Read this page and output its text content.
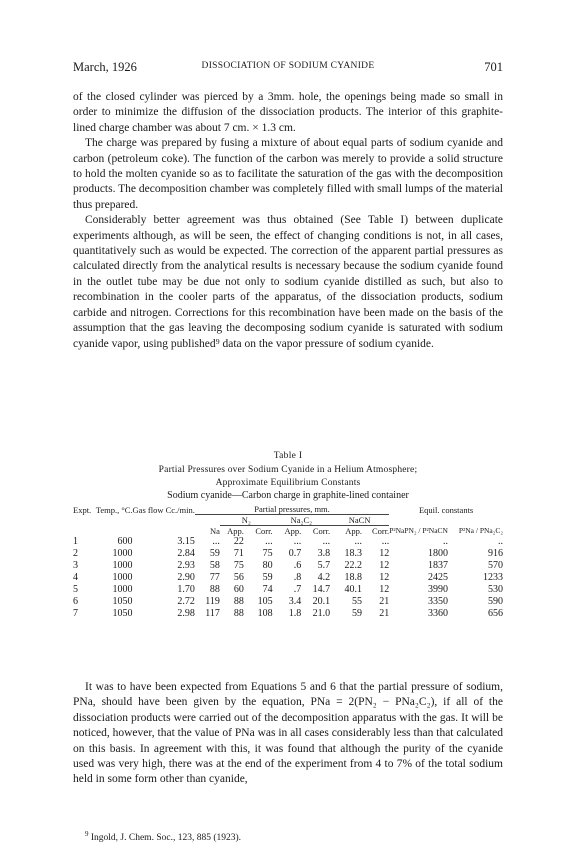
March, 1926	DISSOCIATION OF SODIUM CYANIDE	701

of the closed cylinder was pierced by a 3mm. hole, the openings being made so small in order to minimize the diffusion of the dissociation products. The interior of this graphite-lined charge chamber was about 7 cm. × 1.3 cm.

The charge was prepared by fusing a mixture of about equal parts of sodium cyanide and carbon (petroleum coke). The function of the carbon was merely to provide a solid structure to hold the molten cyanide so as to facilitate the saturation of the gas with the decomposition products. The decomposition chamber was completely filled with small lumps of the material thus prepared.

Considerably better agreement was thus obtained (See Table I) between duplicate experiments although, as will be seen, the effect of changing conditions is not, in all cases, quantitatively such as would be expected. The correction of the apparent partial pressures as calculated directly from the analytical results is necessary because the sodium cyanide found in the outlet tube may be due not only to sodium cyanide distilled as such, but also to recombination in the cooler parts of the apparatus, of the dissociation products, sodium carbide and nitrogen. Corrections for this recombination have been made on the basis of the assumption that the gas leaving the decomposing sodium cyanide is saturated with sodium cyanide vapor, using published⁹ data on the vapor pressure of sodium cyanide.

Table I
Partial Pressures over Sodium Cyanide in a Helium Atmosphere;
Approximate Equilibrium Constants
Sodium cyanide—Carbon charge in graphite-lined container
Expt.	Temp., °C.	Gas flow Cc./min.	Partial pressures, mm.							Equil. constants	
				N₂		Na₂C₂		NaCN			
			Na	App.	Corr.	App.	Corr.	App.	Corr.	P²NaPN₂ / P²NaCN	P²Na / PNa₂C₂
1	600	3.15	...	22	...	...	...	...	...	..	..
2	1000	2.84	59	71	75	0.7	3.8	18.3	12	1800	916
3	1000	2.93	58	75	80	.6	5.7	22.2	12	1837	570
4	1000	2.90	77	56	59	.8	4.2	18.8	12	2425	1233
5	1000	1.70	88	60	74	.7	14.7	40.1	12	3990	530
6	1050	2.72	119	88	105	3.4	20.1	55	21	3350	590
7	1050	2.98	117	88	108	1.8	21.0	59	21	3360	656

It was to have been expected from Equations 5 and 6 that the partial pressure of sodium, PNa, should have been given by the equation, PNa = 2(PN₂ − PNa₂C₂), if all of the dissociation products were carried out of the decomposition apparatus with the gas. It will be noticed, however, that the value of PNa was in all cases considerably less than that calculated on this basis. In agreement with this, it was found that although the purity of the cyanide used was very high, there was at the end of the experiment from 4 to 7% of the total sodium held in some form other than cyanide,

$^9$ Ingold, J. Chem. Soc., 123, 885 (1923).
